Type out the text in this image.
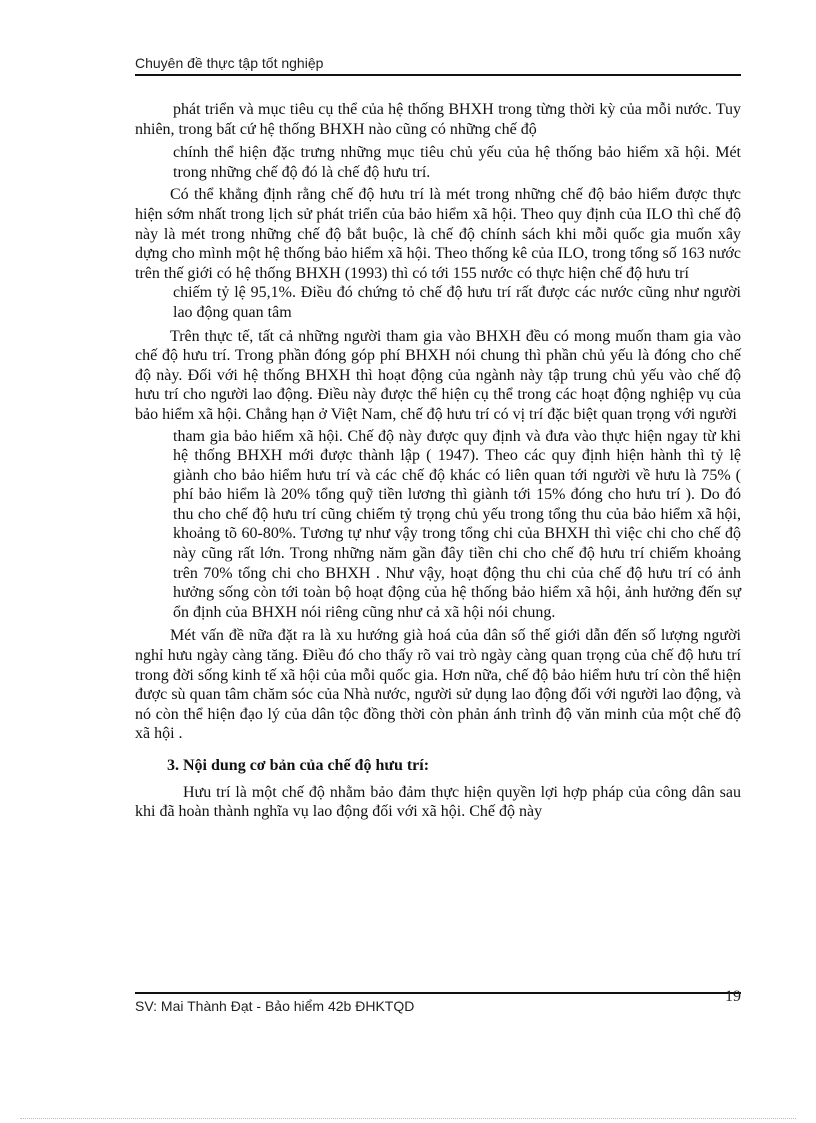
Chuyên đề thực tập tốt nghiệp

phát triển và mục tiêu cụ thể của hệ thống BHXH trong từng thời kỳ của mỗi nước. Tuy nhiên, trong bất cứ hệ thống BHXH nào cũng có những chế độ

chính thể hiện đặc trưng những mục tiêu chủ yếu của hệ thống bảo hiểm xã hội. Mét trong những chế độ đó là chế độ hưu trí.

Có thể khẳng định rằng chế độ hưu trí là mét trong những chế độ bảo hiểm được thực hiện sớm nhất trong lịch sử phát triển của bảo hiểm xã hội. Theo quy định của ILO thì chế độ này là mét trong những chế độ bắt buộc, là chế độ chính sách khi mỗi quốc gia muốn xây dựng cho mình một hệ thống bảo hiểm xã hội. Theo thống kê của ILO, trong tổng số 163 nước trên thế giới có hệ thống BHXH (1993) thì có tới 155 nước có thực hiện chế độ hưu trí

chiếm tỷ lệ 95,1%. Điều đó chứng tỏ chế độ hưu trí rất được các nước cũng như người lao động quan tâm

Trên thực tế, tất cả những người tham gia vào BHXH đều có mong muốn tham gia vào chế độ hưu trí. Trong phần đóng góp phí BHXH nói chung thì phần chủ yếu là đóng cho chế độ này. Đối với hệ thống BHXH thì hoạt động của ngành này tập trung chủ yếu vào chế độ hưu trí cho người lao động. Điều này được thể hiện cụ thể trong các hoạt động nghiệp vụ của bảo hiểm xã hội. Chẳng hạn ở Việt Nam, chế độ hưu trí có vị trí đặc biệt quan trọng với người

tham gia bảo hiểm xã hội. Chế độ này được quy định và đưa vào thực hiện ngay từ khi hệ thống BHXH mới được thành lập ( 1947). Theo các quy định hiện hành thì tỷ lệ giành cho bảo hiểm hưu trí và các chế độ khác có liên quan tới người về hưu là 75% ( phí bảo hiểm là 20% tổng quỹ tiền lương thì giành tới 15% đóng cho hưu trí ). Do đó thu cho chế độ hưu trí cũng chiếm tỷ trọng chủ yếu trong tổng thu của bảo hiểm xã hội, khoảng tõ 60-80%. Tương tự như vậy trong tổng chi của BHXH thì việc chi cho chế độ này cũng rất lớn. Trong những năm gần đây tiền chi cho chế độ hưu trí chiếm khoảng trên 70% tổng chi cho BHXH . Như vậy, hoạt động thu chi của chế độ hưu trí có ảnh hưởng sống còn tới toàn bộ hoạt động của hệ thống bảo hiểm xã hội, ảnh hưởng đến sự ổn định của BHXH nói riêng cũng như cả xã hội nói chung.

Mét vấn đề nữa đặt ra là xu hướng già hoá của dân số thế giới dẫn đến số lượng người nghỉ hưu ngày càng tăng. Điều đó cho thấy rõ vai trò ngày càng quan trọng của chế độ hưu trí trong đời sống kinh tế xã hội của mỗi quốc gia. Hơn nữa, chế độ bảo hiểm hưu trí còn thể hiện được sù quan tâm chăm sóc của Nhà nước, người sử dụng lao động đối với người lao động, và nó còn thể hiện đạo lý của dân tộc đồng thời còn phản ánh trình độ văn minh của một chế độ xã hội .

3. Nội dung cơ bản của chế độ hưu trí:

Hưu trí là một chế độ nhằm bảo đảm thực hiện quyền lợi hợp pháp của công dân sau khi đã hoàn thành nghĩa vụ lao động đối với xã hội. Chế độ này

SV: Mai Thành Đạt - Bảo hiểm 42b ĐHKTQD
19
